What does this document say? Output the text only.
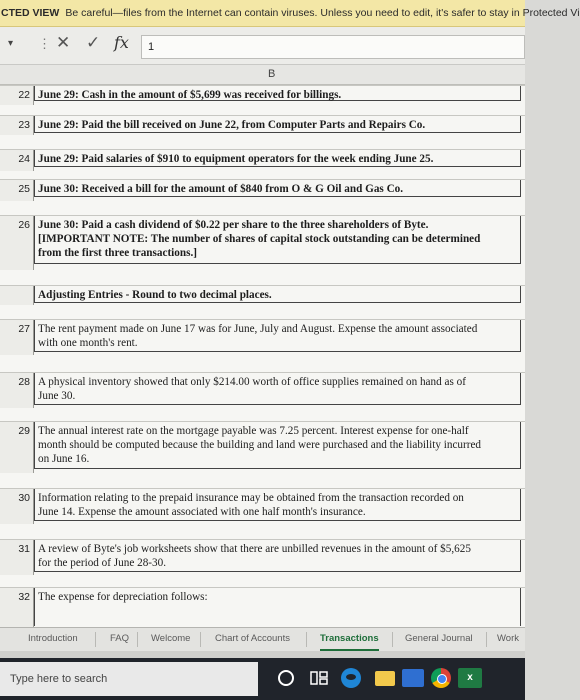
CTED VIEW Be careful—files from the Internet can contain viruses. Unless you need to edit, it's safer to stay in Protected Vi
▾ ⋮ ✕ ✓ fx	1
B
22 June 29: Cash in the amount of $5,699 was received for billings.
23 June 29: Paid the bill received on June 22, from Computer Parts and Repairs Co.
24 June 29: Paid salaries of $910 to equipment operators for the week ending June 25.
25 June 30: Received a bill for the amount of $840 from O & G Oil and Gas Co.
26 June 30: Paid a cash dividend of $0.22 per share to the three shareholders of Byte.
[IMPORTANT NOTE: The number of shares of capital stock outstanding can be determined
from the first three transactions.]
Adjusting Entries - Round to two decimal places.
27 The rent payment made on June 17 was for June, July and August. Expense the amount associated
with one month's rent.
28 A physical inventory showed that only $214.00 worth of office supplies remained on hand as of
June 30.
29 The annual interest rate on the mortgage payable was 7.25 percent. Interest expense for one-half
month should be computed because the building and land were purchased and the liability incurred
on June 16.
30 Information relating to the prepaid insurance may be obtained from the transaction recorded on
June 14. Expense the amount associated with one half month's insurance.
31 A review of Byte's job worksheets show that there are unbilled revenues in the amount of $5,625
for the period of June 28-30.
32 The expense for depreciation follows:
Introduction	FAQ Welcome	Chart of Accounts	Transactions	General Journal	Work
Type here to search	x
